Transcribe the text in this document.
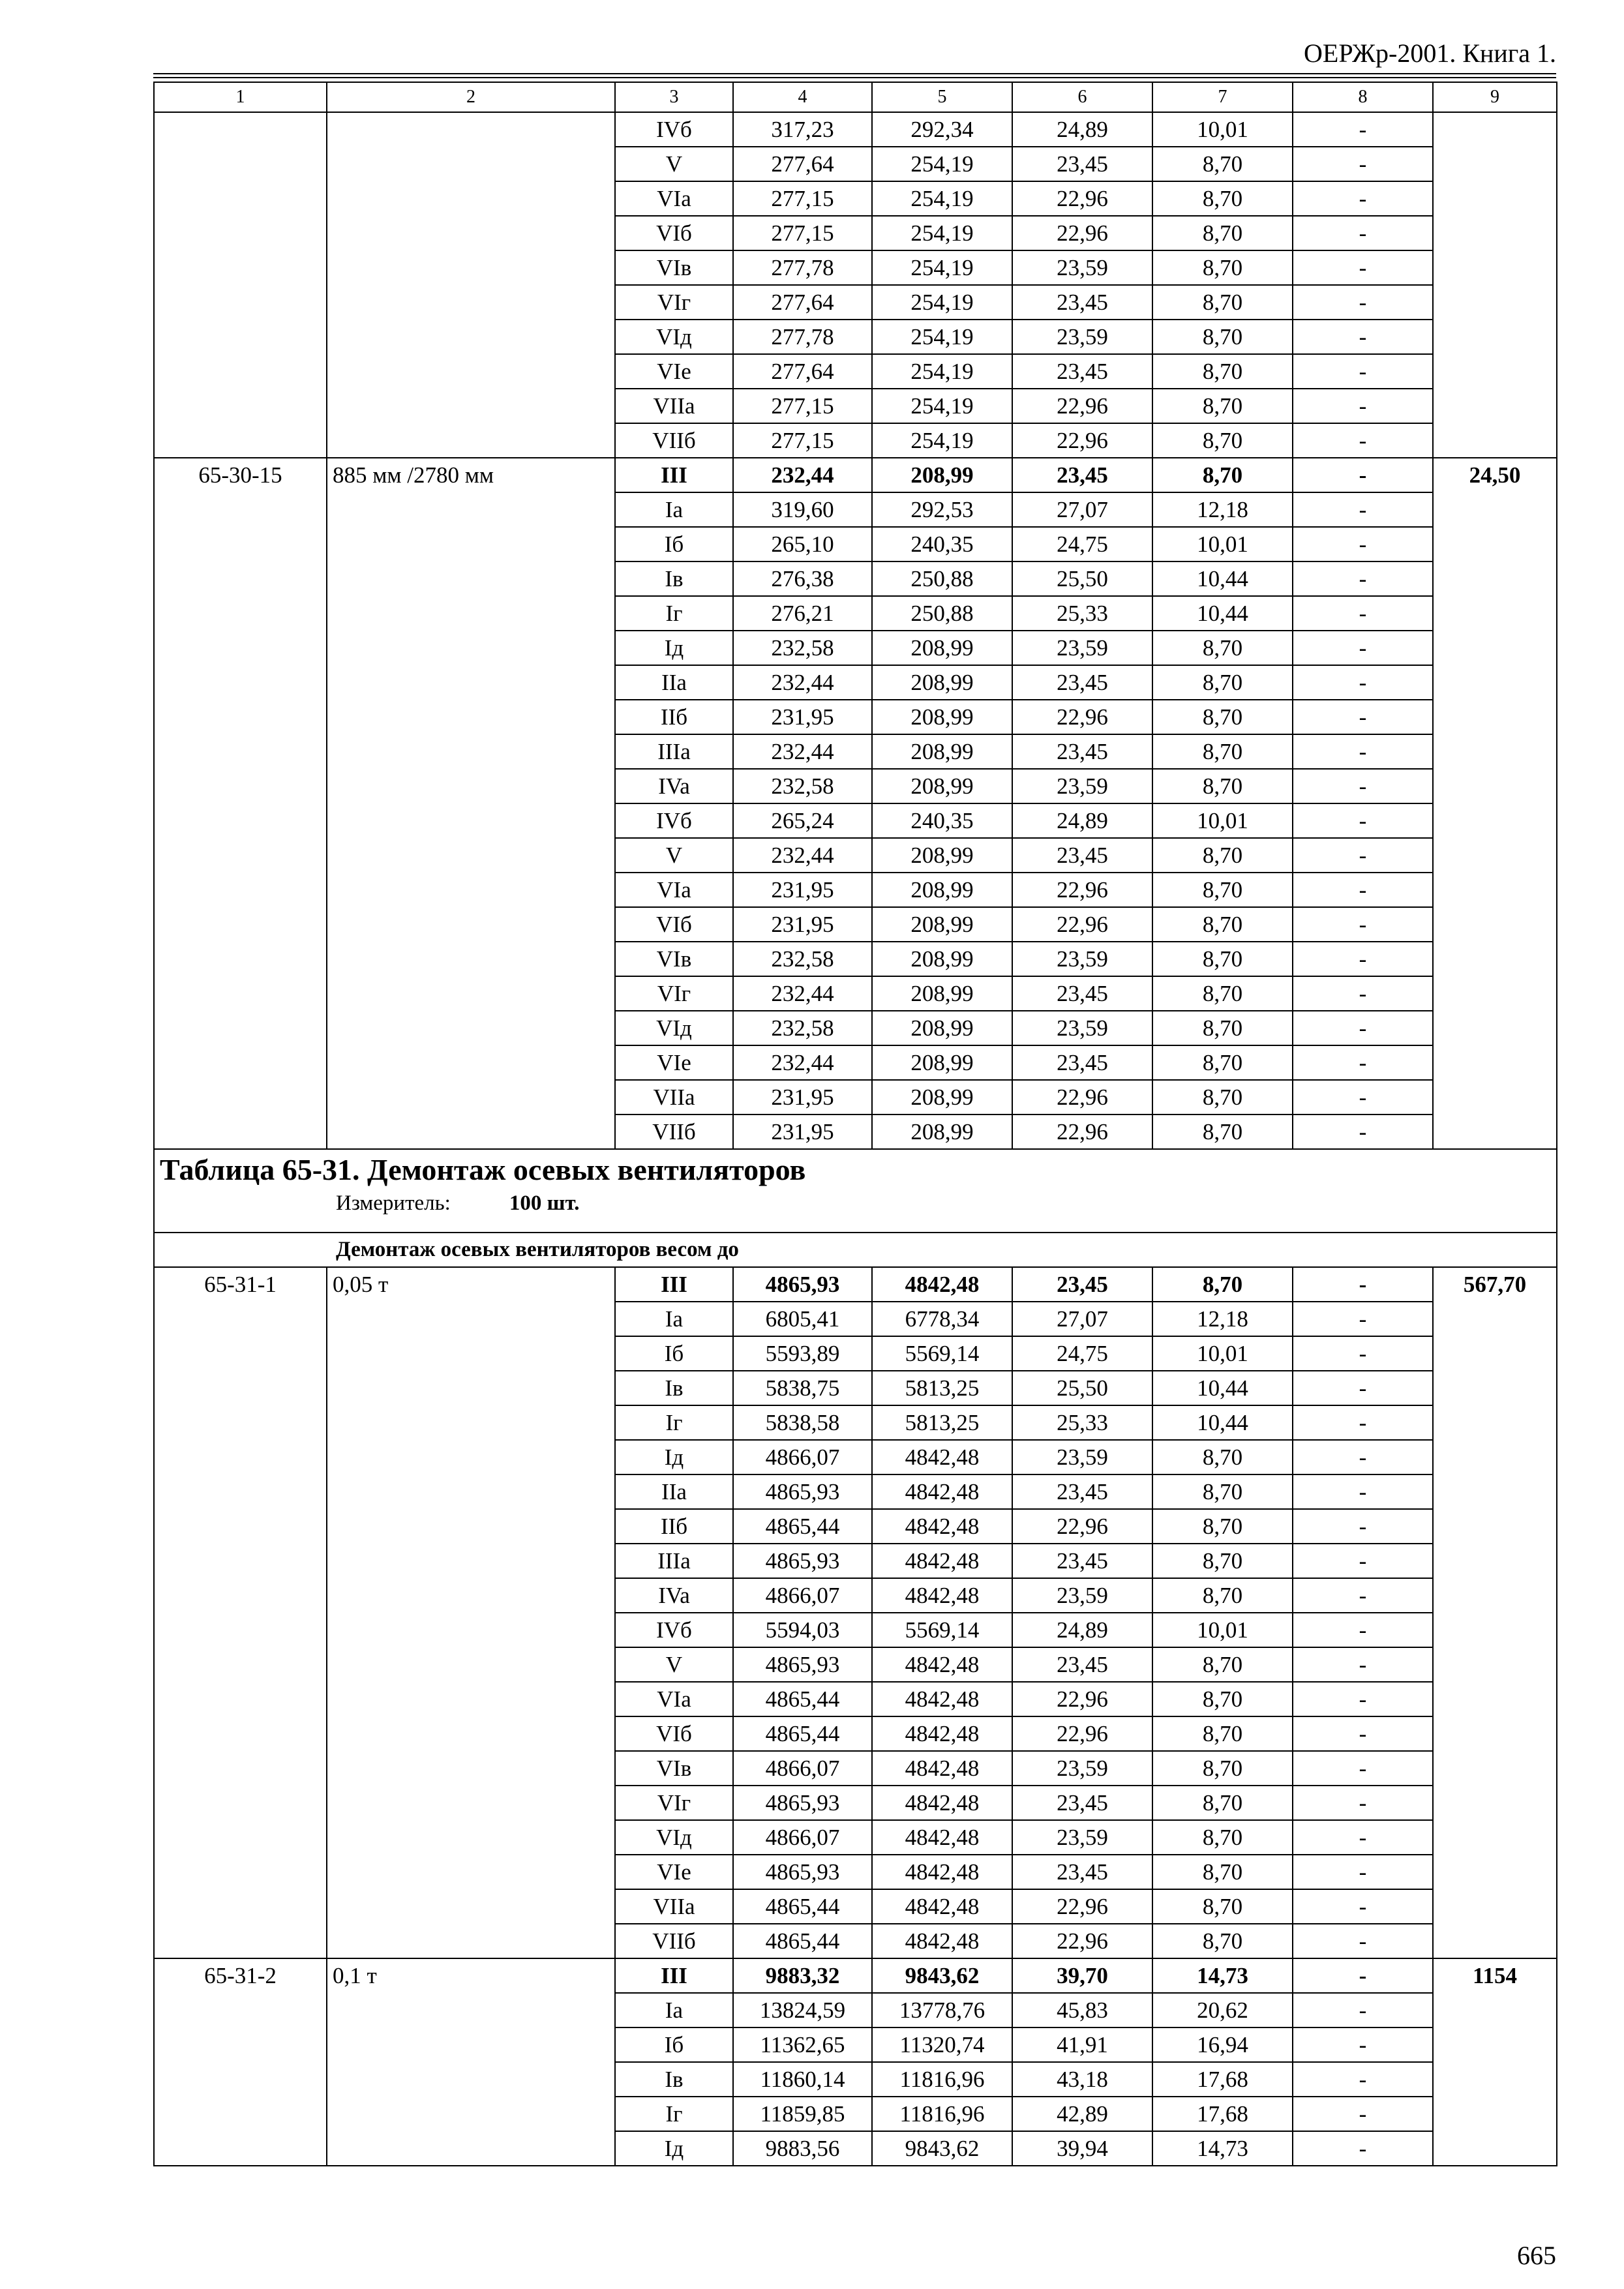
ОЕРЖр-2001. Книга 1.
1	2	3	4	5	6	7	8	9
		IVб	317,23	292,34	24,89	10,01	-	
		V	277,64	254,19	23,45	8,70	-	
		VIa	277,15	254,19	22,96	8,70	-	
		VIб	277,15	254,19	22,96	8,70	-	
		VIв	277,78	254,19	23,59	8,70	-	
		VIг	277,64	254,19	23,45	8,70	-	
		VIд	277,78	254,19	23,59	8,70	-	
		VIe	277,64	254,19	23,45	8,70	-	
		VIIa	277,15	254,19	22,96	8,70	-	
		VIIб	277,15	254,19	22,96	8,70	-	
65-30-15	885 мм /2780 мм	III	232,44	208,99	23,45	8,70	-	24,50
		Ia	319,60	292,53	27,07	12,18	-	
		Iб	265,10	240,35	24,75	10,01	-	
		Iв	276,38	250,88	25,50	10,44	-	
		Iг	276,21	250,88	25,33	10,44	-	
		Iд	232,58	208,99	23,59	8,70	-	
		IIa	232,44	208,99	23,45	8,70	-	
		IIб	231,95	208,99	22,96	8,70	-	
		IIIa	232,44	208,99	23,45	8,70	-	
		IVa	232,58	208,99	23,59	8,70	-	
		IVб	265,24	240,35	24,89	10,01	-	
		V	232,44	208,99	23,45	8,70	-	
		VIa	231,95	208,99	22,96	8,70	-	
		VIб	231,95	208,99	22,96	8,70	-	
		VIв	232,58	208,99	23,59	8,70	-	
		VIг	232,44	208,99	23,45	8,70	-	
		VIд	232,58	208,99	23,59	8,70	-	
		VIe	232,44	208,99	23,45	8,70	-	
		VIIa	231,95	208,99	22,96	8,70	-	
		VIIб	231,95	208,99	22,96	8,70	-	

Таблица 65-31. Демонтаж осевых вентиляторов
Измеритель: 100 шт.								

Демонтаж осевых вентиляторов весом до								
65-31-1	0,05 т	III	4865,93	4842,48	23,45	8,70	-	567,70
		Ia	6805,41	6778,34	27,07	12,18	-	
		Iб	5593,89	5569,14	24,75	10,01	-	
		Iв	5838,75	5813,25	25,50	10,44	-	
		Iг	5838,58	5813,25	25,33	10,44	-	
		Iд	4866,07	4842,48	23,59	8,70	-	
		IIa	4865,93	4842,48	23,45	8,70	-	
		IIб	4865,44	4842,48	22,96	8,70	-	
		IIIa	4865,93	4842,48	23,45	8,70	-	
		IVa	4866,07	4842,48	23,59	8,70	-	
		IVб	5594,03	5569,14	24,89	10,01	-	
		V	4865,93	4842,48	23,45	8,70	-	
		VIa	4865,44	4842,48	22,96	8,70	-	
		VIб	4865,44	4842,48	22,96	8,70	-	
		VIв	4866,07	4842,48	23,59	8,70	-	
		VIг	4865,93	4842,48	23,45	8,70	-	
		VIд	4866,07	4842,48	23,59	8,70	-	
		VIe	4865,93	4842,48	23,45	8,70	-	
		VIIa	4865,44	4842,48	22,96	8,70	-	
		VIIб	4865,44	4842,48	22,96	8,70	-	
65-31-2	0,1 т	III	9883,32	9843,62	39,70	14,73	-	1154
		Ia	13824,59	13778,76	45,83	20,62	-	
		Iб	11362,65	11320,74	41,91	16,94	-	
		Iв	11860,14	11816,96	43,18	17,68	-	
		Iг	11859,85	11816,96	42,89	17,68	-	
		Iд	9883,56	9843,62	39,94	14,73	-	
665
